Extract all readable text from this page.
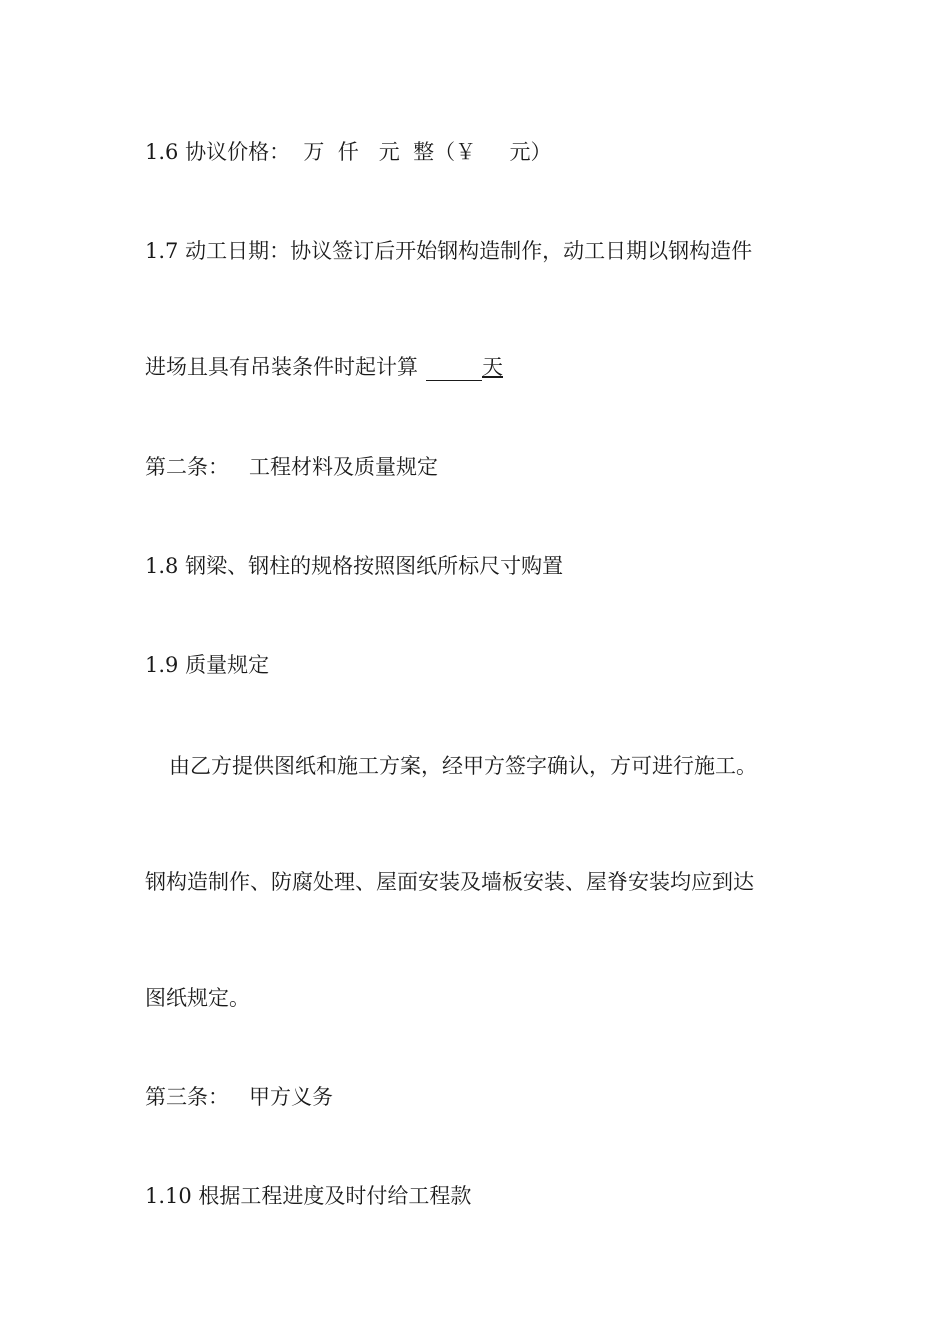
1.6 协议价格：  万  仟   元  整（￥     元）

1.7 动工日期：协议签订后开始钢构造制作，动工日期以钢构造件

进场且具有吊装条件时起计算	天

第二条：   工程材料及质量规定

1.8 钢梁、钢柱的规格按照图纸所标尺寸购置

1.9 质量规定

由乙方提供图纸和施工方案，经甲方签字确认，方可进行施工。

钢构造制作、防腐处理、屋面安装及墙板安装、屋脊安装均应到达

图纸规定。

第三条：   甲方义务

1.10 根据工程进度及时付给工程款
